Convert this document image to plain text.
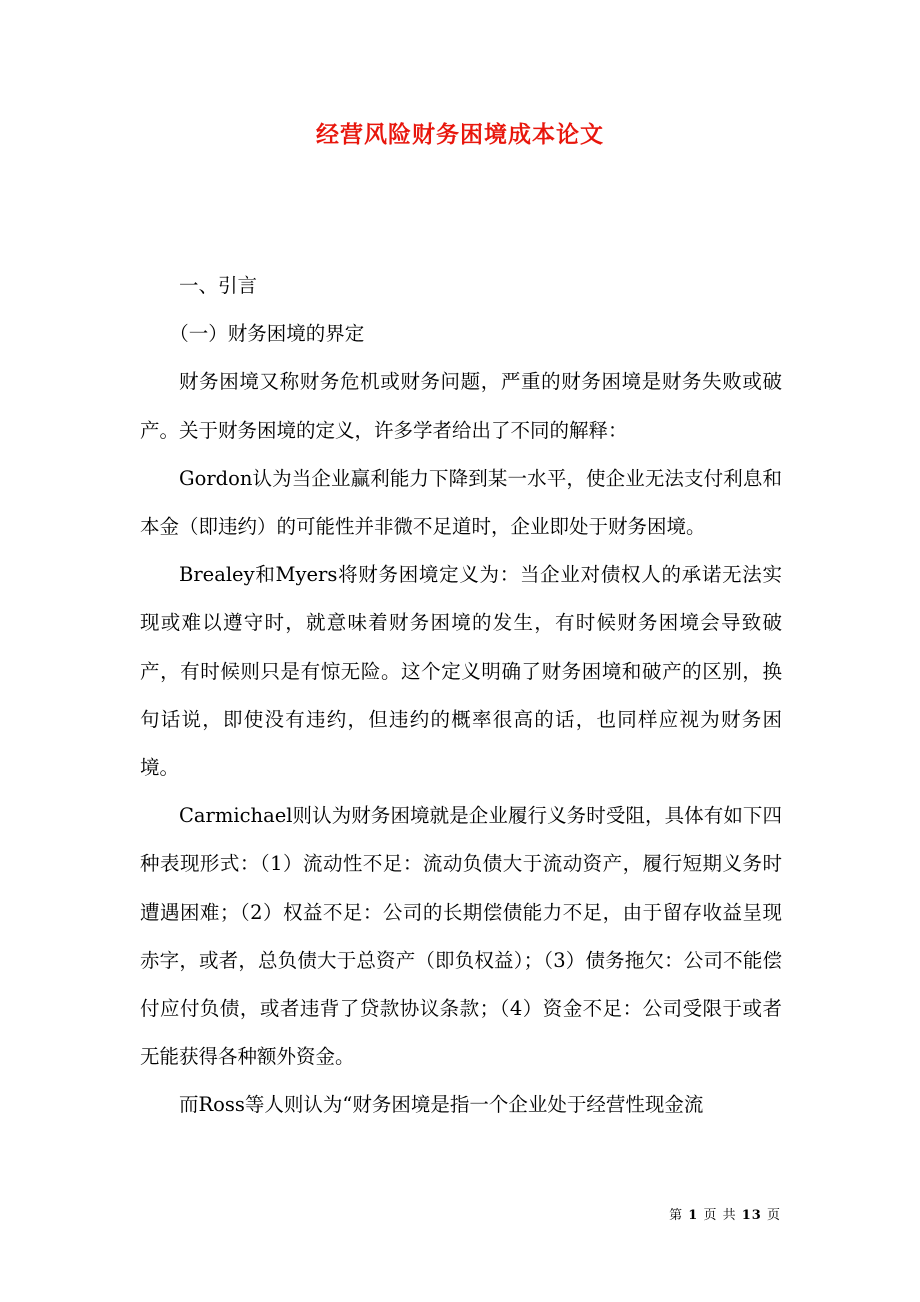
经营风险财务困境成本论文

一、引言

（一）财务困境的界定

财务困境又称财务危机或财务问题，严重的财务困境是财务失败或破产。关于财务困境的定义，许多学者给出了不同的解释：

Gordon认为当企业赢利能力下降到某一水平，使企业无法支付利息和本金（即违约）的可能性并非微不足道时，企业即处于财务困境。

Brealey和Myers将财务困境定义为：当企业对债权人的承诺无法实现或难以遵守时，就意味着财务困境的发生，有时候财务困境会导致破产，有时候则只是有惊无险。这个定义明确了财务困境和破产的区别，换句话说，即使没有违约，但违约的概率很高的话，也同样应视为财务困境。

Carmichael则认为财务困境就是企业履行义务时受阻，具体有如下四种表现形式：（1）流动性不足：流动负债大于流动资产，履行短期义务时遭遇困难；（2）权益不足：公司的长期偿债能力不足，由于留存收益呈现赤字，或者，总负债大于总资产（即负权益）；（3）债务拖欠：公司不能偿付应付负债，或者违背了贷款协议条款；（4）资金不足：公司受限于或者无能获得各种额外资金。

而Ross等人则认为“财务困境是指一个企业处于经营性现金流

第 1 页 共 13 页
